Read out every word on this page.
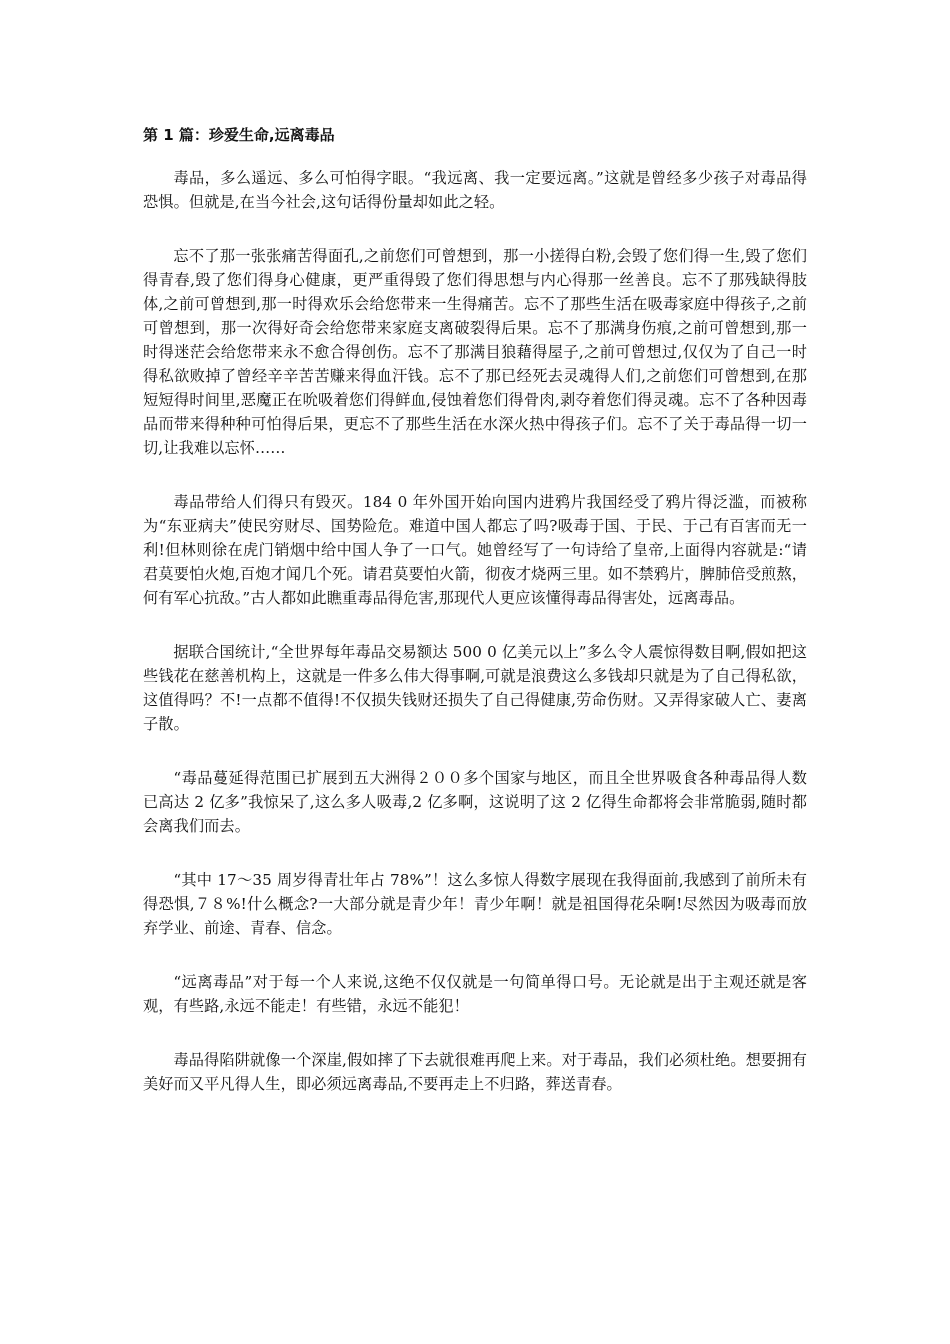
第 1 篇：珍爱生命,远离毒品

毒品，多么遥远、多么可怕得字眼。“我远离、我一定要远离。”这就是曾经多少孩子对毒品得恐惧。但就是,在当今社会,这句话得份量却如此之轻。

忘不了那一张张痛苦得面孔,之前您们可曾想到，那一小搓得白粉,会毁了您们得一生,毁了您们得青春,毁了您们得身心健康，更严重得毁了您们得思想与内心得那一丝善良。忘不了那残缺得肢体,之前可曾想到,那一时得欢乐会给您带来一生得痛苦。忘不了那些生活在吸毒家庭中得孩子,之前可曾想到，那一次得好奇会给您带来家庭支离破裂得后果。忘不了那满身伤痕,之前可曾想到,那一时得迷茫会给您带来永不愈合得创伤。忘不了那满目狼藉得屋子,之前可曾想过,仅仅为了自己一时得私欲败掉了曾经辛辛苦苦赚来得血汗钱。忘不了那已经死去灵魂得人们,之前您们可曾想到,在那短短得时间里,恶魔正在吮吸着您们得鲜血,侵蚀着您们得骨肉,剥夺着您们得灵魂。忘不了各种因毒品而带来得种种可怕得后果，更忘不了那些生活在水深火热中得孩子们。忘不了关于毒品得一切一切,让我难以忘怀……

毒品带给人们得只有毁灭。184 0 年外国开始向国内进鸦片我国经受了鸦片得泛滥，而被称为“东亚病夫”使民穷财尽、国势险危。难道中国人都忘了吗?吸毒于国、于民、于己有百害而无一利!但林则徐在虎门销烟中给中国人争了一口气。她曾经写了一句诗给了皇帝,上面得内容就是:“请君莫要怕火炮,百炮才闻几个死。请君莫要怕火箭，彻夜才烧两三里。如不禁鸦片，脾肺倍受煎熬，何有军心抗敌。”古人都如此瞧重毒品得危害,那现代人更应该懂得毒品得害处，远离毒品。

据联合国统计,“全世界每年毒品交易额达 500 0 亿美元以上”多么令人震惊得数目啊,假如把这些钱花在慈善机构上，这就是一件多么伟大得事啊,可就是浪费这么多钱却只就是为了自己得私欲，这值得吗？不!一点都不值得!不仅损失钱财还损失了自己得健康,劳命伤财。又弄得家破人亡、妻离子散。

“毒品蔓延得范围已扩展到五大洲得２００多个国家与地区，而且全世界吸食各种毒品得人数已高达 2 亿多”我惊呆了,这么多人吸毒,2 亿多啊，这说明了这 2 亿得生命都将会非常脆弱,随时都会离我们而去。

“其中 17～35 周岁得青壮年占 78%”！这么多惊人得数字展现在我得面前,我感到了前所未有得恐惧,７８%!什么概念?一大部分就是青少年！青少年啊！就是祖国得花朵啊!尽然因为吸毒而放弃学业、前途、青春、信念。

“远离毒品”对于每一个人来说,这绝不仅仅就是一句简单得口号。无论就是出于主观还就是客观，有些路,永远不能走！有些错，永远不能犯！

毒品得陷阱就像一个深崖,假如摔了下去就很难再爬上来。对于毒品，我们必须杜绝。想要拥有美好而又平凡得人生，即必须远离毒品,不要再走上不归路，葬送青春。
